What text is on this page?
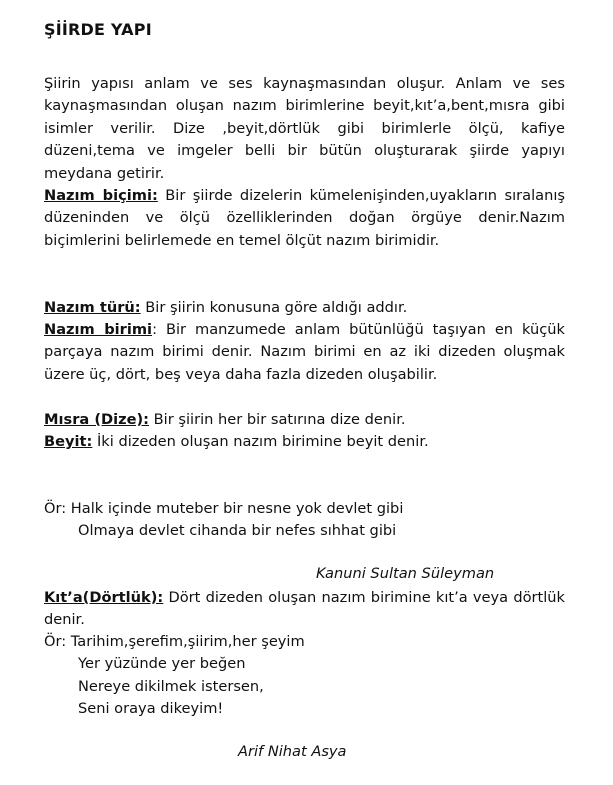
ŞİİRDE YAPI
Şiirin yapısı anlam ve ses kaynaşmasından oluşur. Anlam ve ses kaynaşmasından oluşan nazım birimlerine beyit,kıt’a,bent,mısra gibi isimler verilir. Dize ,beyit,dörtlük gibi birimlerle ölçü, kafiye düzeni,tema ve imgeler belli bir bütün oluşturarak şiirde yapıyı meydana getirir.
Nazım biçimi: Bir şiirde dizelerin kümelenişinden,uyakların sıralanış düzeninden ve ölçü özelliklerinden doğan örgüye denir.Nazım biçimlerini belirlemede en temel ölçüt nazım birimidir.
Nazım türü: Bir şiirin konusuna göre aldığı addır.
Nazım birimi: Bir manzumede anlam bütünlüğü taşıyan en küçük parçaya nazım birimi denir. Nazım birimi en az iki dizeden oluşmak üzere üç, dört, beş veya daha fazla dizeden oluşabilir.
Mısra (Dize): Bir şiirin her bir satırına dize denir.
Beyit: İki dizeden oluşan nazım birimine beyit denir.
Ör: Halk içinde muteber bir nesne yok devlet gibi
Olmaya devlet cihanda bir nefes sıhhat gibi
Kanuni Sultan Süleyman
Kıt’a(Dörtlük): Dört dizeden oluşan nazım birimine kıt’a veya dörtlük denir.
Ör: Tarihim,şerefim,şiirim,her şeyim
Yer yüzünde yer beğen
Nereye dikilmek istersen,
Seni oraya dikeyim!
Arif Nihat Asya
